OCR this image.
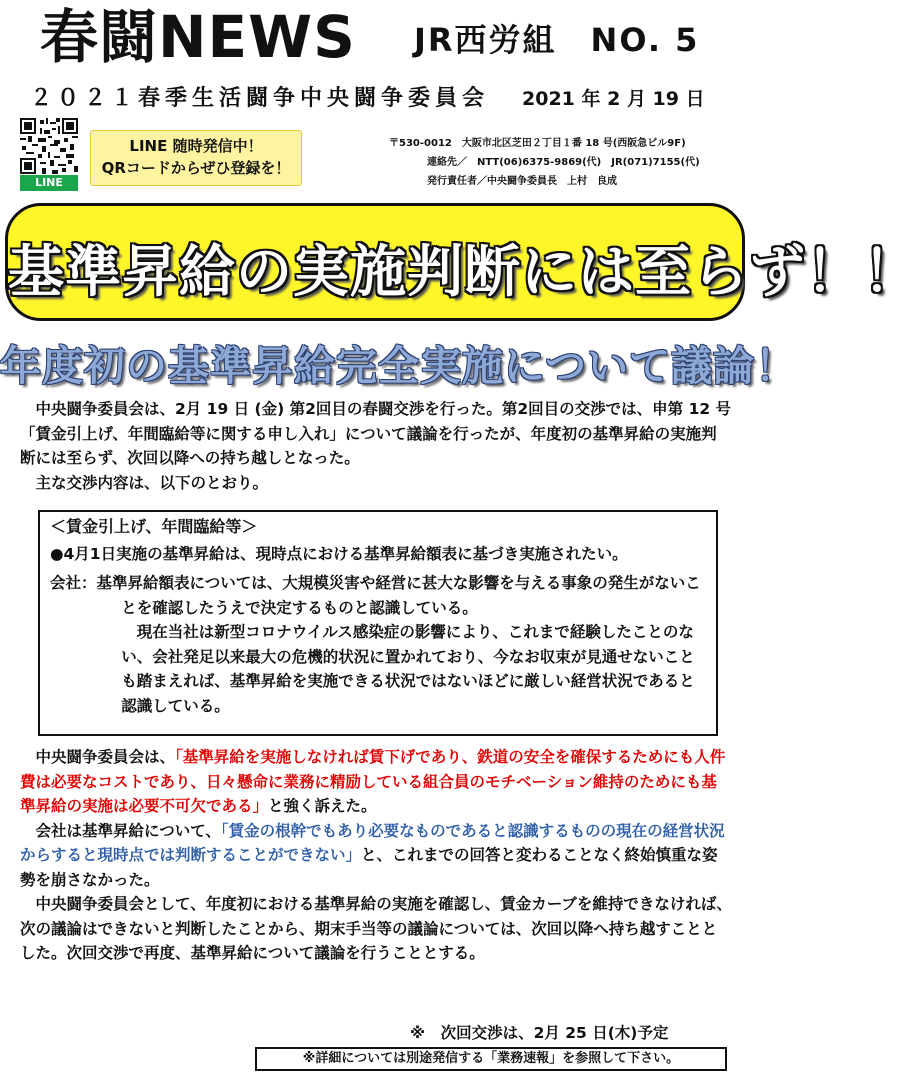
春闘NEWS JR西労組　NO. 5
２０２１春季生活闘争中央闘争委員会 2021 年 2 月 19 日
LINE
LINE 随時発信中！
QRコードからぜひ登録を！
〒530-0012　大阪市北区芝田２丁目１番 18 号(西阪急ビル9F)
連絡先／　NTT(06)6375-9869(代)　JR(071)7155(代)
発行責任者／中央闘争委員長　上村　良成
基準昇給の実施判断には至らず！！
年度初の基準昇給完全実施について議論！

中央闘争委員会は、2月 19 日 (金) 第2回目の春闘交渉を行った。第2回目の交渉では、申第 12 号「賃金引上げ、年間臨給等に関する申し入れ」について議論を行ったが、年度初の基準昇給の実施判断には至らず、次回以降への持ち越しとなった。

主な交渉内容は、以下のとおり。

＜賃金引上げ、年間臨給等＞

●4月1日実施の基準昇給は、現時点における基準昇給額表に基づき実施されたい。

会社：基準昇給額表については、大規模災害や経営に甚大な影響を与える事象の発生がないことを確認したうえで決定するものと認識している。

現在当社は新型コロナウイルス感染症の影響により、これまで経験したことのない、会社発足以来最大の危機的状況に置かれており、今なお収束が見通せないことも踏まえれば、基準昇給を実施できる状況ではないほどに厳しい経営状況であると認識している。

中央闘争委員会は、「基準昇給を実施しなければ賃下げであり、鉄道の安全を確保するためにも人件費は必要なコストであり、日々懸命に業務に精励している組合員のモチベーション維持のためにも基準昇給の実施は必要不可欠である」と強く訴えた。

会社は基準昇給について、「賃金の根幹でもあり必要なものであると認識するものの現在の経営状況からすると現時点では判断することができない」と、これまでの回答と変わることなく終始慎重な姿勢を崩さなかった。

中央闘争委員会として、年度初における基準昇給の実施を確認し、賃金カーブを維持できなければ、次の議論はできないと判断したことから、期末手当等の議論については、次回以降へ持ち越すこととした。次回交渉で再度、基準昇給について議論を行うこととする。

※　次回交渉は、2月 25 日(木)予定
※詳細については別途発信する「業務速報」を参照して下さい。
